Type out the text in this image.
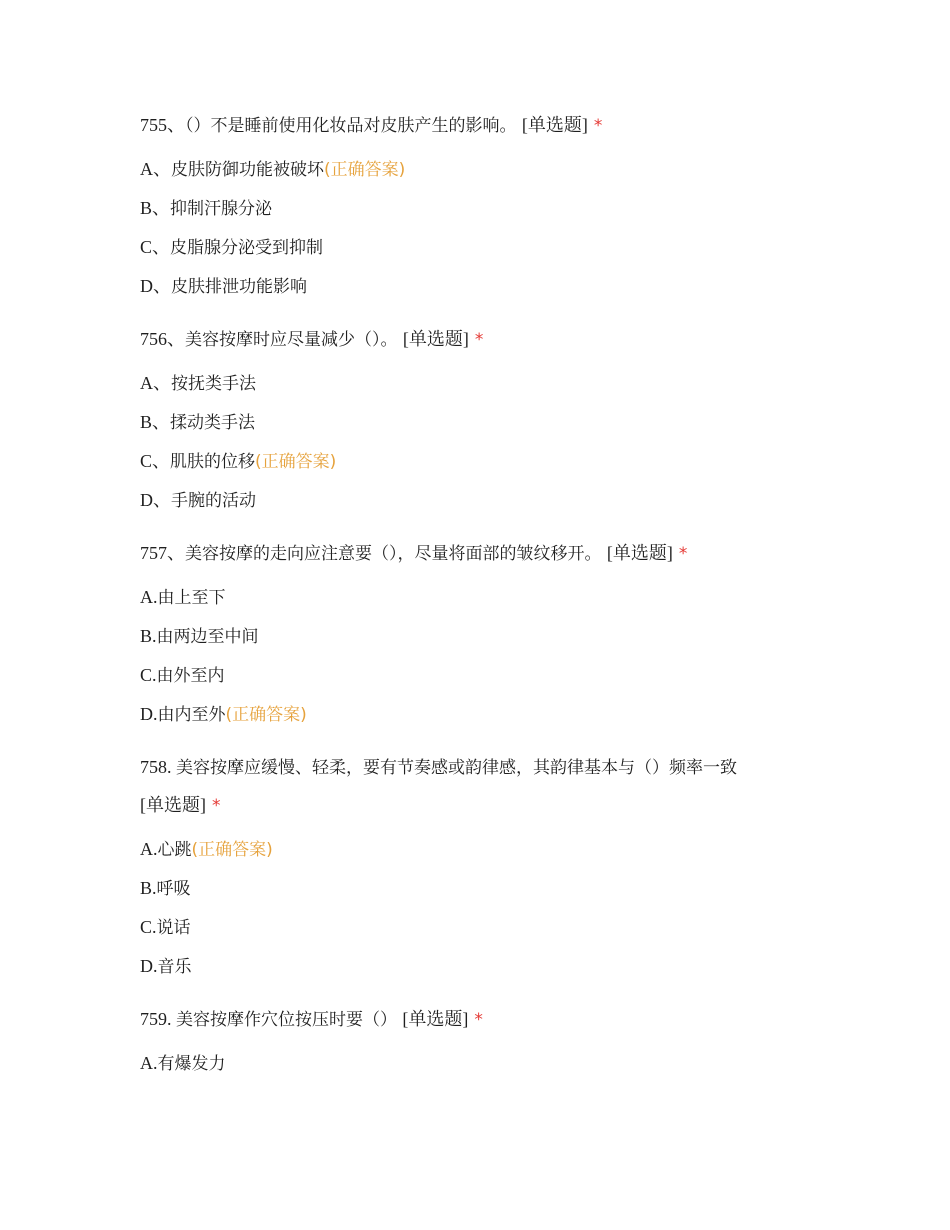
755、（）不是睡前使用化妆品对皮肤产生的影响。 [单选题] *
A、皮肤防御功能被破坏(正确答案)
B、抑制汗腺分泌
C、皮脂腺分泌受到抑制
D、皮肤排泄功能影响
756、美容按摩时应尽量减少（）。 [单选题] *
A、按抚类手法
B、揉动类手法
C、肌肤的位移(正确答案)
D、手腕的活动
757、美容按摩的走向应注意要（），尽量将面部的皱纹移开。 [单选题] *
A.由上至下
B.由两边至中间
C.由外至内
D.由内至外(正确答案)
758. 美容按摩应缓慢、轻柔，要有节奏感或韵律感，其韵律基本与（）频率一致
[单选题] *
A.心跳(正确答案)
B.呼吸
C.说话
D.音乐
759. 美容按摩作穴位按压时要（） [单选题] *
A.有爆发力
